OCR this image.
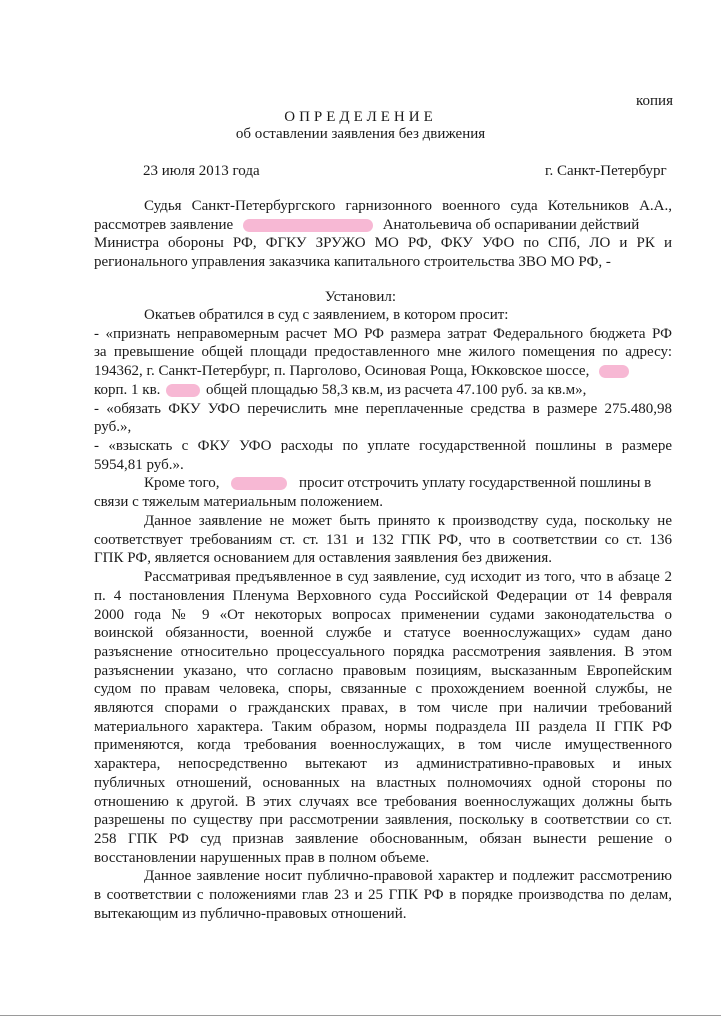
копия
ОПРЕДЕЛЕНИЕ
об оставлении заявления без движения
23 июля 2013 года	г. Санкт-Петербург
Судья Санкт-Петербургского гарнизонного военного суда Котельников А.А.,
рассмотрев заявление	Анатольевича об оспаривании действий
Министра обороны РФ, ФГКУ ЗРУЖО МО РФ, ФКУ УФО по СПб, ЛО и РК и
регионального управления заказчика капитального строительства ЗВО МО РФ, -
Установил:
Окатьев обратился в суд с заявлением, в котором просит:
- «признать неправомерным расчет МО РФ размера затрат Федерального бюджета РФ
за превышение общей площади предоставленного мне жилого помещения по адресу:
194362, г. Санкт-Петербург, п. Парголово, Осиновая Роща, Юкковское шоссе,
корп. 1 кв.	общей площадью 58,3 кв.м, из расчета 47.100 руб. за кв.м»,
- «обязать ФКУ УФО перечислить мне переплаченные средства в размере 275.480,98
руб.»,
- «взыскать с ФКУ УФО расходы по уплате государственной пошлины в размере
5954,81 руб.».
Кроме того,	просит отстрочить уплату государственной пошлины в
связи с тяжелым материальным положением.
Данное заявление не может быть принято к производству суда, поскольку не
соответствует требованиям ст. ст. 131 и 132 ГПК РФ, что в соответствии со ст. 136
ГПК РФ, является основанием для оставления заявления без движения.
Рассматривая предъявленное в суд заявление, суд исходит из того, что в абзаце 2
п. 4 постановления Пленума Верховного суда Российской Федерации от 14 февраля
2000 года № 9 «От некоторых вопросах применении судами законодательства о
воинской обязанности, военной службе и статусе военнослужащих» судам дано
разъяснение относительно процессуального порядка рассмотрения заявления. В этом
разъяснении указано, что согласно правовым позициям, высказанным Европейским
судом по правам человека, споры, связанные с прохождением военной службы, не
являются спорами о гражданских правах, в том числе при наличии требований
материального характера. Таким образом, нормы подраздела III раздела II ГПК РФ
применяются, когда требования военнослужащих, в том числе имущественного
характера, непосредственно вытекают из административно-правовых и иных
публичных отношений, основанных на властных полномочиях одной стороны по
отношению к другой. В этих случаях все требования военнослужащих должны быть
разрешены по существу при рассмотрении заявления, поскольку в соответствии со ст.
258 ГПК РФ суд признав заявление обоснованным, обязан вынести решение о
восстановлении нарушенных прав в полном объеме.
Данное заявление носит публично-правовой характер и подлежит рассмотрению
в соответствии с положениями глав 23 и 25 ГПК РФ в порядке производства по делам,
вытекающим из публично-правовых отношений.
